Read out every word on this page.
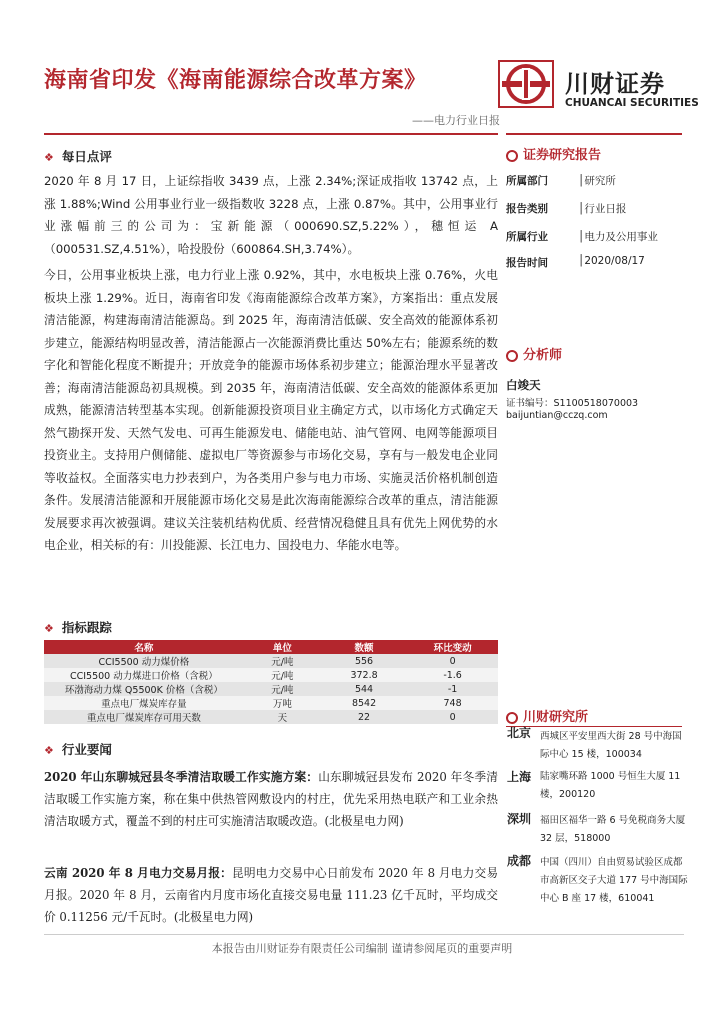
海南省印发《海南能源综合改革方案》	川财证券
CHUANCAI SECURITIES
——电力行业日报
❖ 每日点评

2020 年 8 月 17 日，上证综指收 3439 点，上涨 2.34%;深证成指收 13742 点，上涨 1.88%;Wind 公用事业行业一级指数收 3228 点，上涨 0.87%。其中，公用事业行业涨幅前三的公司为：宝新能源（000690.SZ,5.22%），穗恒运 A（000531.SZ,4.51%），哈投股份（600864.SH,3.74%）。

今日，公用事业板块上涨，电力行业上涨 0.92%，其中，水电板块上涨 0.76%，火电板块上涨 1.29%。近日，海南省印发《海南能源综合改革方案》，方案指出：重点发展清洁能源，构建海南清洁能源岛。到 2025 年，海南清洁低碳、安全高效的能源体系初步建立，能源结构明显改善，清洁能源占一次能源消费比重达 50%左右；能源系统的数字化和智能化程度不断提升；开放竞争的能源市场体系初步建立；能源治理水平显著改善；海南清洁能源岛初具规模。到 2035 年，海南清洁低碳、安全高效的能源体系更加成熟，能源清洁转型基本实现。创新能源投资项目业主确定方式，以市场化方式确定天然气勘探开发、天然气发电、可再生能源发电、储能电站、油气管网、电网等能源项目投资业主。支持用户侧储能、虚拟电厂等资源参与市场化交易，享有与一般发电企业同等收益权。全面落实电力抄表到户，为各类用户参与电力市场、实施灵活价格机制创造条件。发展清洁能源和开展能源市场化交易是此次海南能源综合改革的重点，清洁能源发展要求再次被强调。建议关注装机结构优质、经营情况稳健且具有优先上网优势的水电企业，相关标的有：川投能源、长江电力、国投电力、华能水电等。

证券研究报告
所属部门	│研究所
报告类别	│行业日报
所属行业	│电力及公用事业
报告时间	│2020/08/17
分析师
白竣天
证书编号：S1100518070003
baijuntian@cczq.com
❖ 指标跟踪
名称	单位	数额	环比变动
CCI5500 动力煤价格	元/吨	556	0
CCI5500 动力煤进口价格（含税）	元/吨	372.8	-1.6
环渤海动力煤 Q5500K 价格（含税）	元/吨	544	-1
重点电厂煤炭库存量	万吨	8542	748
重点电厂煤炭库存可用天数	天	22	0
❖ 行业要闻
2020 年山东聊城冠县冬季清洁取暖工作实施方案：山东聊城冠县发布 2020 年冬季清洁取暖工作实施方案，称在集中供热管网敷设内的村庄，优先采用热电联产和工业余热清洁取暖方式，覆盖不到的村庄可实施清洁取暖改造。(北极星电力网)
云南 2020 年 8 月电力交易月报：昆明电力交易中心日前发布 2020 年 8 月电力交易月报。2020 年 8 月，云南省内月度市场化直接交易电量 111.23 亿千瓦时，平均成交价 0.11256 元/千瓦时。(北极星电力网)
川财研究所
北京 西城区平安里西大街 28 号中海国际中心 15 楼，100034
上海 陆家嘴环路 1000 号恒生大厦 11 楼，200120
深圳 福田区福华一路 6 号免税商务大厦 32 层，518000
成都 中国（四川）自由贸易试验区成都市高新区交子大道 177 号中海国际中心 B 座 17 楼，610041
本报告由川财证券有限责任公司编制 谨请参阅尾页的重要声明
